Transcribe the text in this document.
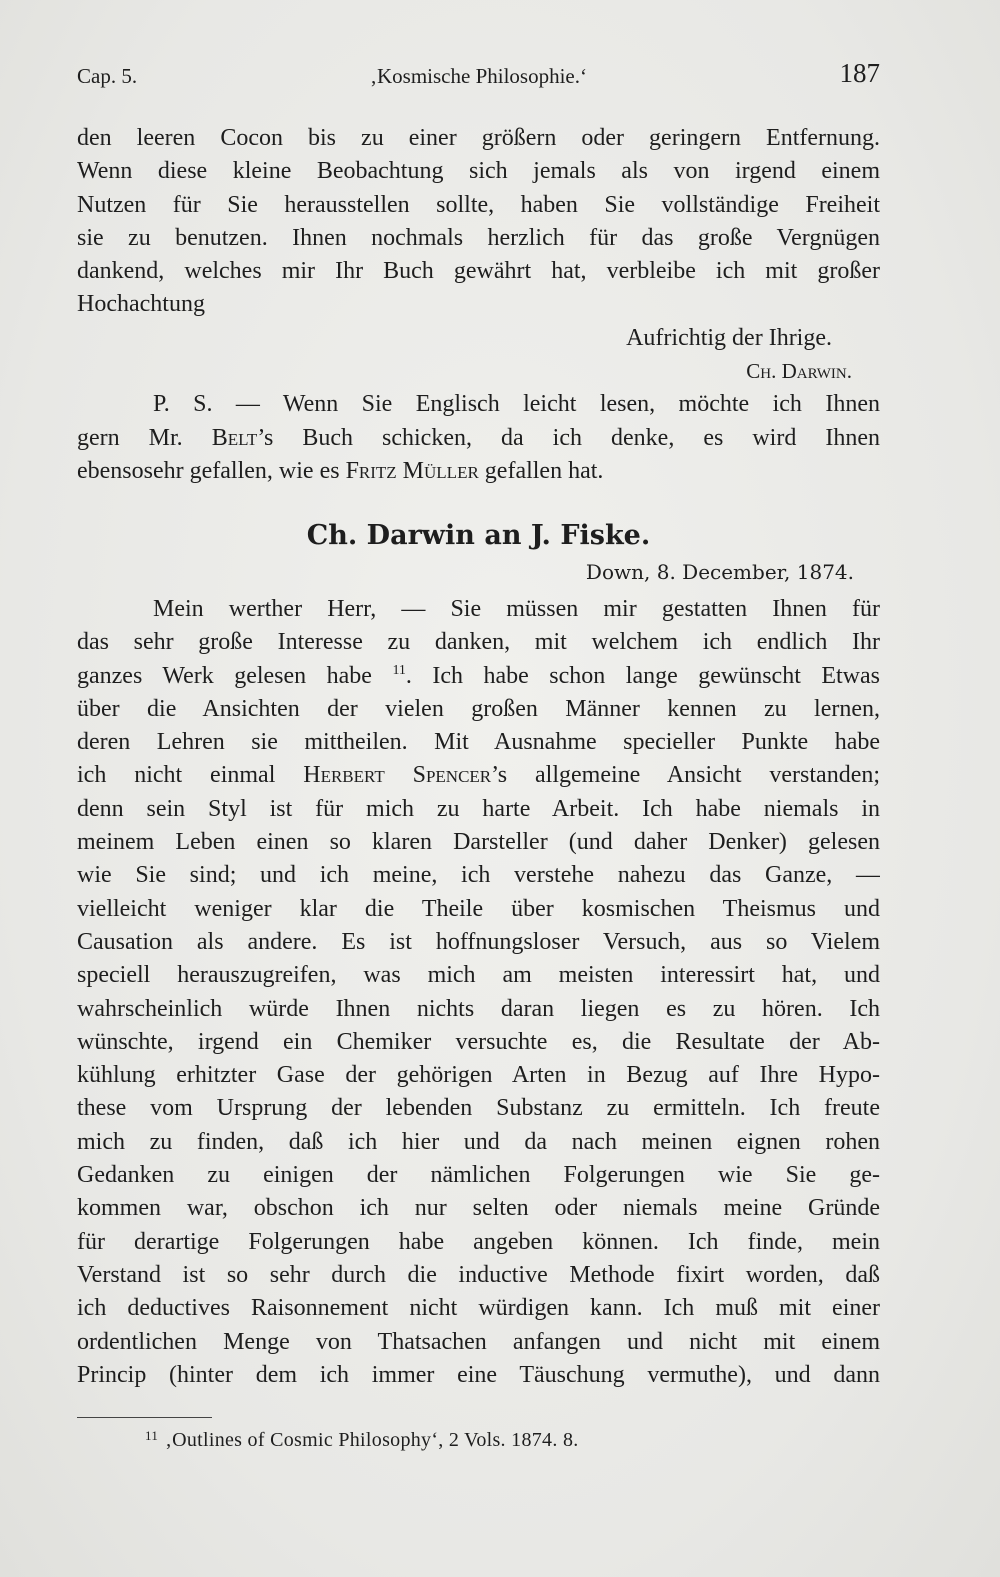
Cap. 5.	‚Kosmische Philosophie.‘	187
den leeren Cocon bis zu einer größern oder geringern Entfernung.
Wenn diese kleine Beobachtung sich jemals als von irgend einem
Nutzen für Sie herausstellen sollte, haben Sie vollständige Freiheit
sie zu benutzen. Ihnen nochmals herzlich für das große Vergnügen
dankend, welches mir Ihr Buch gewährt hat, verbleibe ich mit großer
Hochachtung
Aufrichtig der Ihrige.
Ch. Darwin.
P. S. — Wenn Sie Englisch leicht lesen, möchte ich Ihnen
gern Mr. Belt’s Buch schicken, da ich denke, es wird Ihnen
ebensosehr gefallen, wie es Fritz Müller gefallen hat.
Ch. Darwin an J. Fiske.
Down, 8. December, 1874.
Mein werther Herr, — Sie müssen mir gestatten Ihnen für
das sehr große Interesse zu danken, mit welchem ich endlich Ihr
ganzes Werk gelesen habe $^{11}$. Ich habe schon lange gewünscht Etwas
über die Ansichten der vielen großen Männer kennen zu lernen,
deren Lehren sie mittheilen. Mit Ausnahme specieller Punkte habe
ich nicht einmal Herbert Spencer’s allgemeine Ansicht verstanden;
denn sein Styl ist für mich zu harte Arbeit. Ich habe niemals in
meinem Leben einen so klaren Darsteller (und daher Denker) gelesen
wie Sie sind; und ich meine, ich verstehe nahezu das Ganze, —
vielleicht weniger klar die Theile über kosmischen Theismus und
Causation als andere. Es ist hoffnungsloser Versuch, aus so Vielem
speciell herauszugreifen, was mich am meisten interessirt hat, und
wahrscheinlich würde Ihnen nichts daran liegen es zu hören. Ich
wünschte, irgend ein Chemiker versuchte es, die Resultate der Ab-
kühlung erhitzter Gase der gehörigen Arten in Bezug auf Ihre Hypo-
these vom Ursprung der lebenden Substanz zu ermitteln. Ich freute
mich zu finden, daß ich hier und da nach meinen eignen rohen
Gedanken zu einigen der nämlichen Folgerungen wie Sie ge-
kommen war, obschon ich nur selten oder niemals meine Gründe
für derartige Folgerungen habe angeben können. Ich finde, mein
Verstand ist so sehr durch die inductive Methode fixirt worden, daß
ich deductives Raisonnement nicht würdigen kann. Ich muß mit einer
ordentlichen Menge von Thatsachen anfangen und nicht mit einem
Princip (hinter dem ich immer eine Täuschung vermuthe), und dann
$^{11}$ ‚Outlines of Cosmic Philosophy‘, 2 Vols. 1874. 8.
